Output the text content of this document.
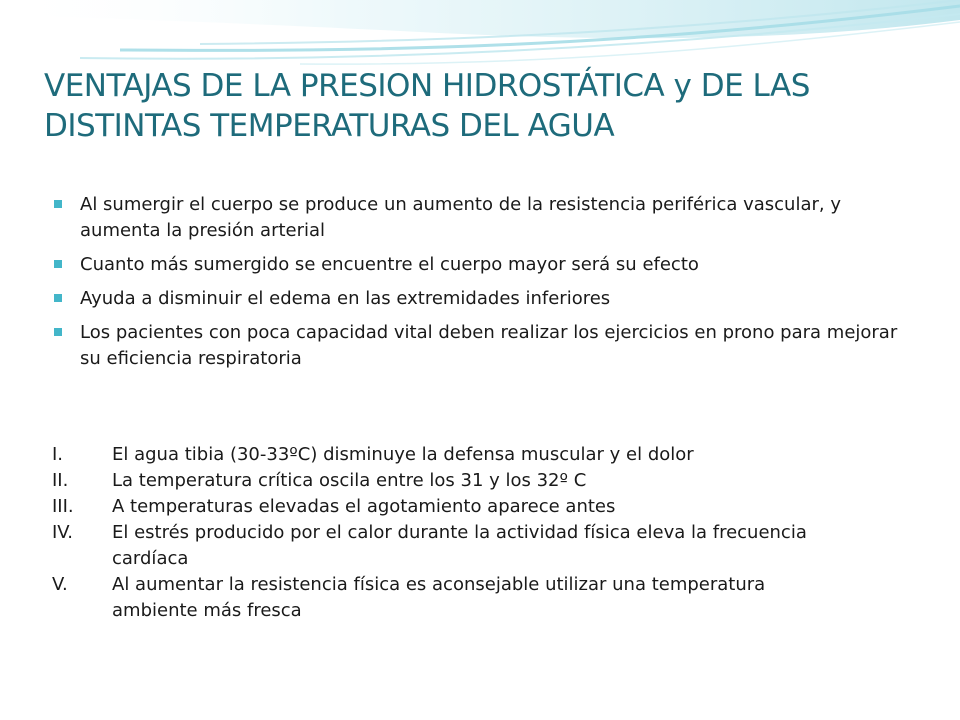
VENTAJAS DE LA PRESION HIDROSTÁTICA y DE LAS DISTINTAS TEMPERATURAS DEL AGUA
Al sumergir el cuerpo se produce un aumento de la resistencia periférica vascular, y aumenta la presión arterial
Cuanto más sumergido se encuentre el cuerpo mayor será su efecto
Ayuda a disminuir el edema en las extremidades inferiores
Los pacientes con poca capacidad vital deben realizar los ejercicios en prono para mejorar su eficiencia respiratoria
I.	El agua tibia (30-33ºC) disminuye la defensa muscular y el dolor
II. La temperatura crítica oscila entre los 31 y los 32º C
III. A temperaturas elevadas el agotamiento aparece antes
IV. El estrés producido por el calor durante la actividad física eleva la frecuencia cardíaca
V. Al aumentar la resistencia física es aconsejable utilizar una temperatura ambiente más fresca
